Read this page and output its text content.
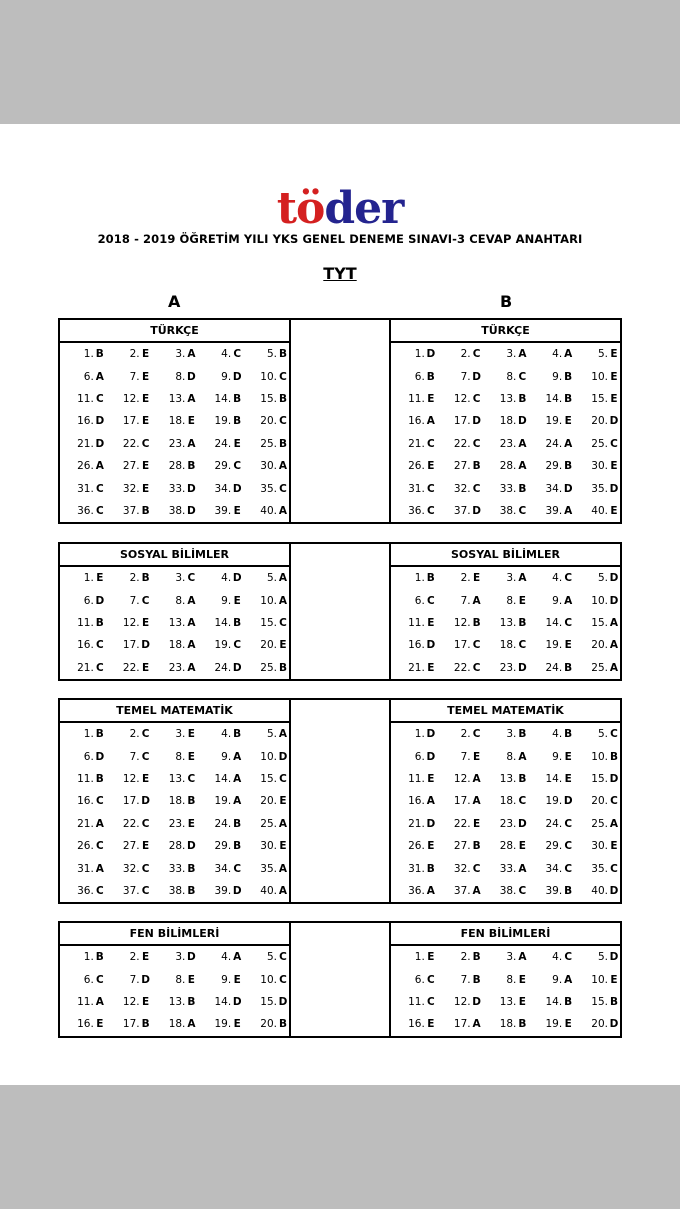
töder
2018 - 2019 ÖĞRETİM YILI YKS GENEL DENEME SINAVI-3 CEVAP ANAHTARI
TYT
A	B
TÜRKÇE
1. B	2. E	3. A	4. C	5. B
6. A	7. E	8. D	9. D	10. C
11. C	12. E	13. A	14. B	15. B
16. D	17. E	18. E	19. B	20. C
21. D	22. C	23. A	24. E	25. B
26. A	27. E	28. B	29. C	30. A
31. C	32. E	33. D	34. D	35. C
36. C	37. B	38. D	39. E	40. A
TÜRKÇE
1. D	2. C	3. A	4. A	5. E
6. B	7. D	8. C	9. B	10. E
11. E	12. C	13. B	14. B	15. E
16. A	17. D	18. D	19. E	20. D
21. C	22. C	23. A	24. A	25. C
26. E	27. B	28. A	29. B	30. E
31. C	32. C	33. B	34. D	35. D
36. C	37. D	38. C	39. A	40. E
SOSYAL BİLİMLER
1. E	2. B	3. C	4. D	5. A
6. D	7. C	8. A	9. E	10. A
11. B	12. E	13. A	14. B	15. C
16. C	17. D	18. A	19. C	20. E
21. C	22. E	23. A	24. D	25. B
SOSYAL BİLİMLER
1. B	2. E	3. A	4. C	5. D
6. C	7. A	8. E	9. A	10. D
11. E	12. B	13. B	14. C	15. A
16. D	17. C	18. C	19. E	20. A
21. E	22. C	23. D	24. B	25. A
TEMEL MATEMATİK
1. B	2. C	3. E	4. B	5. A
6. D	7. C	8. E	9. A	10. D
11. B	12. E	13. C	14. A	15. C
16. C	17. D	18. B	19. A	20. E
21. A	22. C	23. E	24. B	25. A
26. C	27. E	28. D	29. B	30. E
31. A	32. C	33. B	34. C	35. A
36. C	37. C	38. B	39. D	40. A
TEMEL MATEMATİK
1. D	2. C	3. B	4. B	5. C
6. D	7. E	8. A	9. E	10. B
11. E	12. A	13. B	14. E	15. D
16. A	17. A	18. C	19. D	20. C
21. D	22. E	23. D	24. C	25. A
26. E	27. B	28. E	29. C	30. E
31. B	32. C	33. A	34. C	35. C
36. A	37. A	38. C	39. B	40. D
FEN BİLİMLERİ
1. B	2. E	3. D	4. A	5. C
6. C	7. D	8. E	9. E	10. C
11. A	12. E	13. B	14. D	15. D
16. E	17. B	18. A	19. E	20. B
FEN BİLİMLERİ
1. E	2. B	3. A	4. C	5. D
6. C	7. B	8. E	9. A	10. E
11. C	12. D	13. E	14. B	15. B
16. E	17. A	18. B	19. E	20. D
